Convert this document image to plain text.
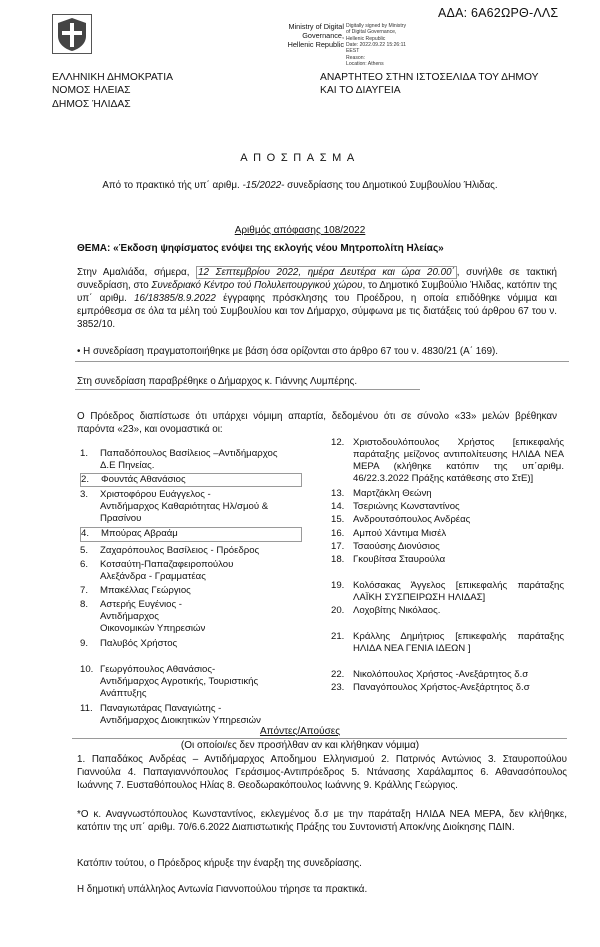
ΑΔΑ: 6Α62ΩΡΘ-ΛΛΣ
Ministry of Digital
Governance,
Hellenic Republic
Digitally signed by Ministry
of Digital Governance,
Hellenic Republic
Date: 2022.09.22 15:26:11
EEST
Reason:
Location: Athens
ΕΛΛΗΝΙΚΗ ΔΗΜΟΚΡΑΤΙΑ
ΝΟΜΟΣ ΗΛΕΙΑΣ
ΔΗΜΟΣ ΉΛΙΔΑΣ
ΑΝΑΡΤΗΤΕΟ ΣΤΗΝ ΙΣΤΟΣΕΛΙΔΑ ΤΟΥ ΔΗΜΟΥ
ΚΑΙ ΤΟ ΔΙΑΥΓΕΙΑ
ΑΠΟΣΠΑΣΜΑ
Από το πρακτικό τής υπ΄ αριθμ. -15/2022- συνεδρίασης του Δημοτικού Συμβουλίου Ήλιδας.
Αριθμός απόφασης 108/2022
ΘΕΜΑ: «Έκδοση ψηφίσματος ενόψει της εκλογής νέου Μητροπολίτη Ηλείας»
Στην Αμαλιάδα, σήμερα, 12 Σεπτεμβρίου 2022, ημέρα Δευτέρα και ώρα 20.00΄ , συνήλθε σε τακτική συνεδρίαση, στο Συνεδριακό Κέντρο τού Πολυλειτουργικού χώρου, το Δημοτικό Συμβούλιο Ήλιδας, κατόπιν της υπ΄ αριθμ. 16/18385/8.9.2022 έγγραφης πρόσκλησης του Προέδρου, η οποία επιδόθηκε νόμιμα και εμπρόθεσμα σε όλα τα μέλη τού Συμβουλίου και τον Δήμαρχο, σύμφωνα με τις διατάξεις τού άρθρου 67 του ν. 3852/10.
• Η συνεδρίαση πραγματοποιήθηκε με βάση όσα ορίζονται στο άρθρο 67 του ν. 4830/21 (Α΄ 169).
Στη συνεδρίαση παραβρέθηκε ο Δήμαρχος κ. Γιάννης Λυμπέρης.
Ο Πρόεδρος διαπίστωσε ότι υπάρχει νόμιμη απαρτία, δεδομένου ότι σε σύνολο «33» μελών βρέθηκαν παρόντα «23», και ονομαστικά οι:
1.	Παπαδόπουλος Βασίλειος –Αντιδήμαρχος
Δ.Ε Πηνείας.
2.	Φουντάς Αθανάσιος
3.	Χριστοφόρου Ευάγγελος -
Αντιδήμαρχος Καθαριότητας Ηλ/σμού &
Πρασίνου
4.	Μπούρας Αβραάμ
5.	Ζαχαρόπουλος Βασίλειος - Πρόεδρος
6.	Κοτσαύτη-Παπαζαφειροπούλου
Αλεξάνδρα - Γραμματέας
7.	Μπακέλλας Γεώργιος
8.	Αστερής Ευγένιος -
Αντιδήμαρχος
Οικονομικών Υπηρεσιών
9.	Παλυβός Χρήστος
10. Γεωργόπουλος Αθανάσιος-
Αντιδήμαρχος Αγροτικής, Τουριστικής
Ανάπτυξης
11. Παναγιωτάρας Παναγιώτης -
Αντιδήμαρχος Διοικητικών Υπηρεσιών
12. Χριστοδουλόπουλος Χρήστος [επικεφαλής παράταξης μείζονος αντιπολίτευσης ΗΛΙΔΑ ΝΕΑ ΜΕΡΑ (κλήθηκε κατόπιν της υπ΄αριθμ. 46/22.3.2022 Πράξης κατάθεσης στο ΣτΕ)]
13. Μαρτζάκλη Θεώνη
14. Τσεριώνης Κωνσταντίνος
15. Ανδρουτσόπουλος Ανδρέας
16. Αμπού Χάντιμα Μισέλ
17. Τσαούσης Διονύσιος
18. Γκουβίτσα Σταυρούλα
19. Κολόσακας Άγγελος [επικεφαλής παράταξης ΛΑΪΚΗ ΣΥΣΠΕΙΡΩΣΗ ΗΛΙΔΑΣ]
20. Λοχοβίτης Νικόλαος.
21. Κράλλης Δημήτριος [επικεφαλής παράταξης ΗΛΙΔΑ ΝΕΑ ΓΕΝΙΑ ΙΔΕΩΝ ]
22. Νικολόπουλος Χρήστος -Ανεξάρτητος δ.σ
23. Παναγόπουλος Χρήστος-Ανεξάρτητος δ.σ
Απόντες/Απούσες
(Οι οποίοι/ες δεν προσήλθαν αν και κλήθηκαν νόμιμα)
1. Παπαδάκος Ανδρέας – Αντιδήμαρχος Αποδημου Ελληνισμού 2. Πατρινός Αντώνιος 3. Σταυροπούλου Γιαννούλα 4. Παπαγιαννόπουλος Γεράσιμος-Αντιπρόεδρος 5. Ντάνασης Χαράλαμπος 6. Αθανασόπουλος Ιωάννης 7. Ευσταθόπουλος Ηλίας 8. Θεοδωρακόπουλος Ιωάννης 9. Κράλλης Γεώργιος.
*Ο κ. Αναγνωστόπουλος Κωνσταντίνος, εκλεγμένος δ.σ με την παράταξη ΗΛΙΔΑ ΝΕΑ ΜΕΡΑ, δεν κλήθηκε, κατόπιν της υπ΄ αριθμ. 70/6.6.2022 Διαπιστωτικής Πράξης του Συντονιστή Αποκ/νης Διοίκησης ΠΔΙΝ.
Κατόπιν τούτου, ο Πρόεδρος κήρυξε την έναρξη της συνεδρίασης.
Η δημοτική υπάλληλος Αντωνία Γιαννοπούλου τήρησε τα πρακτικά.
